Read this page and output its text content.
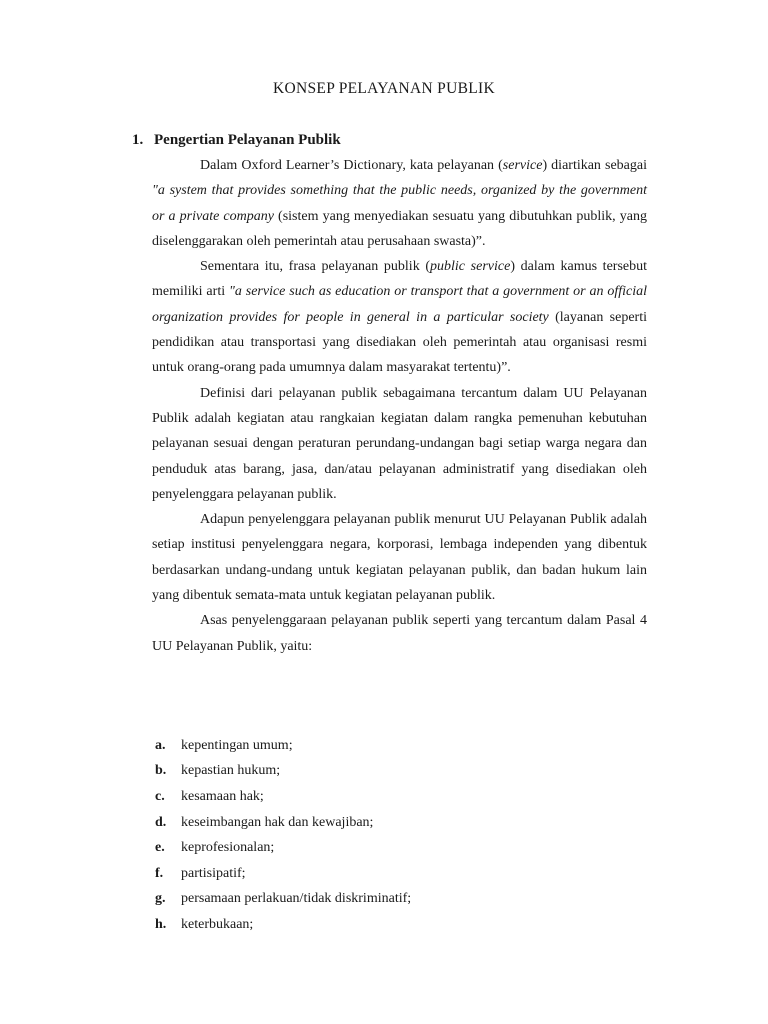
KONSEP PELAYANAN PUBLIK
1. Pengertian Pelayanan Publik

Dalam Oxford Learner’s Dictionary, kata pelayanan (service) diartikan sebagai "a system that provides something that the public needs, organized by the government or a private company (sistem yang menyediakan sesuatu yang dibutuhkan publik, yang diselenggarakan oleh pemerintah atau perusahaan swasta)”.

Sementara itu, frasa pelayanan publik (public service) dalam kamus tersebut memiliki arti "a service such as education or transport that a government or an official organization provides for people in general in a particular society (layanan seperti pendidikan atau transportasi yang disediakan oleh pemerintah atau organisasi resmi untuk orang-orang pada umumnya dalam masyarakat tertentu)”.

Definisi dari pelayanan publik sebagaimana tercantum dalam UU Pelayanan Publik adalah kegiatan atau rangkaian kegiatan dalam rangka pemenuhan kebutuhan pelayanan sesuai dengan peraturan perundang-undangan bagi setiap warga negara dan penduduk atas barang, jasa, dan/atau pelayanan administratif yang disediakan oleh penyelenggara pelayanan publik.

Adapun penyelenggara pelayanan publik menurut UU Pelayanan Publik adalah setiap institusi penyelenggara negara, korporasi, lembaga independen yang dibentuk berdasarkan undang-undang untuk kegiatan pelayanan publik, dan badan hukum lain yang dibentuk semata-mata untuk kegiatan pelayanan publik.

Asas penyelenggaraan pelayanan publik seperti yang tercantum dalam Pasal 4 UU Pelayanan Publik, yaitu:

a.	kepentingan umum;
b.	kepastian hukum;
c.	kesamaan hak;
d.	keseimbangan hak dan kewajiban;
e.	keprofesionalan;
f.	partisipatif;
g.	persamaan perlakuan/tidak diskriminatif;
h.	keterbukaan;
